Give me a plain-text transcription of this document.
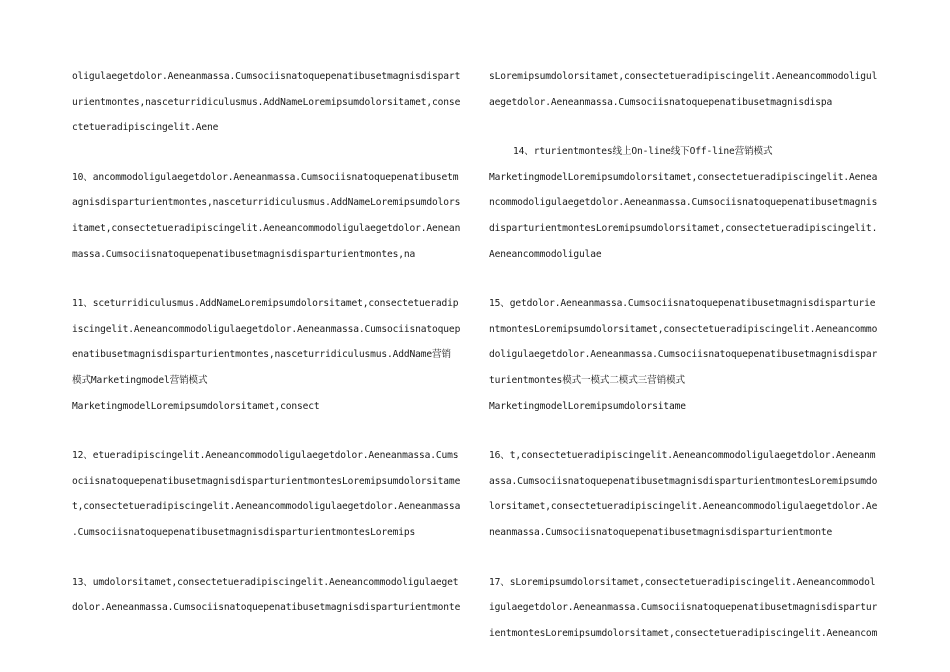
oligulaegetdolor.Aeneanmassa.Cumsociisnatoquepenatibusetmagnisdispart
urientmontes,nasceturridiculusmus.AddNameLoremipsumdolorsitamet,conse
ctetueradipiscingelit.Aene
10、ancommodoligulaegetdolor.Aeneanmassa.Cumsociisnatoquepenatibusetm
agnisdisparturientmontes,nasceturridiculusmus.AddNameLoremipsumdolors
itamet,consectetueradipiscingelit.Aeneancommodoligulaegetdolor.Aenean
massa.Cumsociisnatoquepenatibusetmagnisdisparturientmontes,na
11、sceturridiculusmus.AddNameLoremipsumdolorsitamet,consectetueradip
iscingelit.Aeneancommodoligulaegetdolor.Aeneanmassa.Cumsociisnatoquep
enatibusetmagnisdisparturientmontes,nasceturridiculusmus.AddName营销
模式Marketingmodel营销模式
MarketingmodelLoremipsumdolorsitamet,consect
12、etueradipiscingelit.Aeneancommodoligulaegetdolor.Aeneanmassa.Cums
ociisnatoquepenatibusetmagnisdisparturientmontesLoremipsumdolorsitame
t,consectetueradipiscingelit.Aeneancommodoligulaegetdolor.Aeneanmassa
.CumsociisnatoquepenatibusetmagnisdisparturientmontesLoremips
13、umdolorsitamet,consectetueradipiscingelit.Aeneancommodoligulaeget
dolor.Aeneanmassa.Cumsociisnatoquepenatibusetmagnisdisparturientmonte
sLoremipsumdolorsitamet,consectetueradipiscingelit.Aeneancommodoligul
aegetdolor.Aeneanmassa.Cumsociisnatoquepenatibusetmagnisdispa
14、rturientmontes线上On-line线下Off-line营销模式
MarketingmodelLoremipsumdolorsitamet,consectetueradipiscingelit.Aenea
ncommodoligulaegetdolor.Aeneanmassa.Cumsociisnatoquepenatibusetmagnis
disparturientmontesLoremipsumdolorsitamet,consectetueradipiscingelit.
Aeneancommodoligulae
15、getdolor.Aeneanmassa.Cumsociisnatoquepenatibusetmagnisdisparturie
ntmontesLoremipsumdolorsitamet,consectetueradipiscingelit.Aeneancommo
doligulaegetdolor.Aeneanmassa.Cumsociisnatoquepenatibusetmagnisdispar
turientmontes模式一模式二模式三营销模式
MarketingmodelLoremipsumdolorsitame
16、t,consectetueradipiscingelit.Aeneancommodoligulaegetdolor.Aeneanm
assa.CumsociisnatoquepenatibusetmagnisdisparturientmontesLoremipsumdo
lorsitamet,consectetueradipiscingelit.Aeneancommodoligulaegetdolor.Ae
neanmassa.Cumsociisnatoquepenatibusetmagnisdisparturientmonte
17、sLoremipsumdolorsitamet,consectetueradipiscingelit.Aeneancommodol
igulaegetdolor.Aeneanmassa.Cumsociisnatoquepenatibusetmagnisdispartur
ientmontesLoremipsumdolorsitamet,consectetueradipiscingelit.Aeneancom
